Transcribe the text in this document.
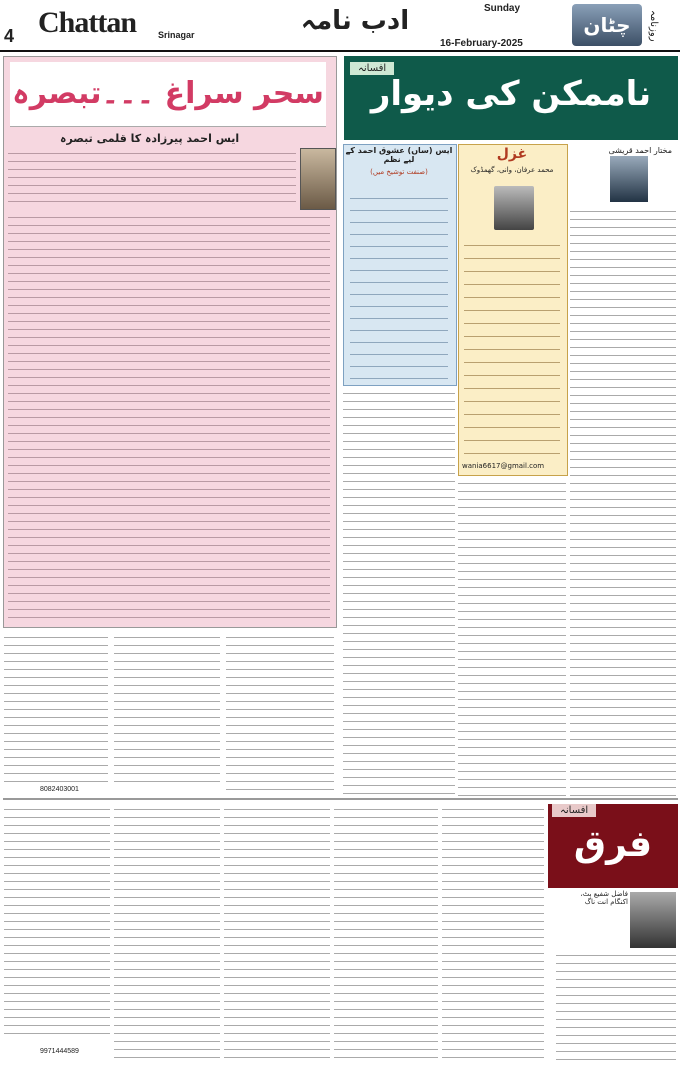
4 Chattan Srinagar	ادب نامہ	Sunday
16-February-2025
چٹان	روزنامہ
سحر سراغ ۔۔۔تبصرہ
ایس احمد پیرزادہ کا قلمی تبصرہ
8082403001
افسانہ
ناممکن کی دیوار
ایس (ساں) عشوق احمد کے لیے نظم
(صنفت توشیخ میں)
غزل
محمد عرفان، وانی، گھمڈوک
wania6617@gmail.com
مختار احمد قریشی
افسانہ
فرق
فاضل شفیع بٹ، اکنگام انت ناگ
9971444589
